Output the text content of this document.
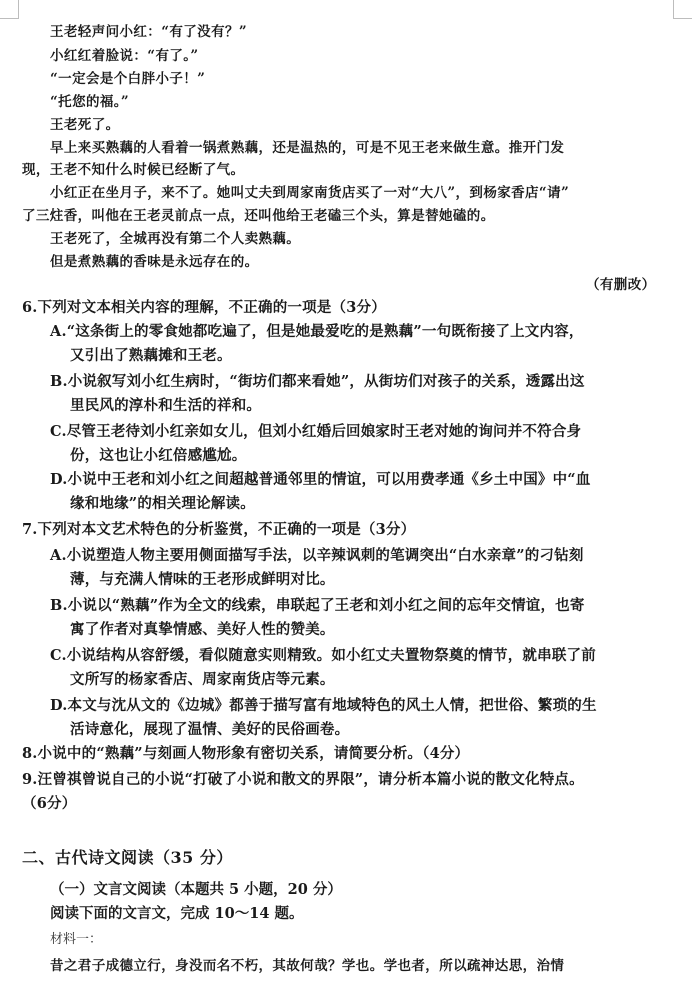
王老轻声问小红：“有了没有？”
小红红着脸说：“有了。”
“一定会是个白胖小子！”
“托您的福。”
王老死了。
早上来买熟藕的人看着一锅煮熟藕，还是温热的，可是不见王老来做生意。推开门发
现，王老不知什么时候已经断了气。
小红正在坐月子，来不了。她叫丈夫到周家南货店买了一对“大八”，到杨家香店“请”
了三炷香，叫他在王老灵前点一点，还叫他给王老磕三个头，算是替她磕的。
王老死了，全城再没有第二个人卖熟藕。
但是煮熟藕的香味是永远存在的。
（有删改）
6.下列对文本相关内容的理解，不正确的一项是（3分）
A.“这条街上的零食她都吃遍了，但是她最爱吃的是熟藕”一句既衔接了上文内容，
又引出了熟藕摊和王老。
B.小说叙写刘小红生病时，“街坊们都来看她”，从街坊们对孩子的关系，透露出这
里民风的淳朴和生活的祥和。
C.尽管王老待刘小红亲如女儿，但刘小红婚后回娘家时王老对她的询问并不符合身
份，这也让小红倍感尴尬。
D.小说中王老和刘小红之间超越普通邻里的情谊，可以用费孝通《乡土中国》中“血
缘和地缘”的相关理论解读。
7.下列对本文艺术特色的分析鉴赏，不正确的一项是（3分）
A.小说塑造人物主要用侧面描写手法，以辛辣讽刺的笔调突出“白水亲章”的刁钻刻
薄，与充满人情味的王老形成鲜明对比。
B.小说以“熟藕”作为全文的线索，串联起了王老和刘小红之间的忘年交情谊，也寄
寓了作者对真挚情感、美好人性的赞美。
C.小说结构从容舒缓，看似随意实则精致。如小红丈夫置物祭奠的情节，就串联了前
文所写的杨家香店、周家南货店等元素。
D.本文与沈从文的《边城》都善于描写富有地域特色的风土人情，把世俗、繁琐的生
活诗意化，展现了温情、美好的民俗画卷。
8.小说中的“熟藕”与刻画人物形象有密切关系，请简要分析。（4分）
9.汪曾祺曾说自己的小说“打破了小说和散文的界限”，请分析本篇小说的散文化特点。
（6分）
二、古代诗文阅读（35 分）
（一）文言文阅读（本题共 5 小题，20 分）
阅读下面的文言文，完成 10～14 题。
材料一：
昔之君子成德立行，身没而名不朽，其故何哉？学也。学也者，所以疏神达思，治情
